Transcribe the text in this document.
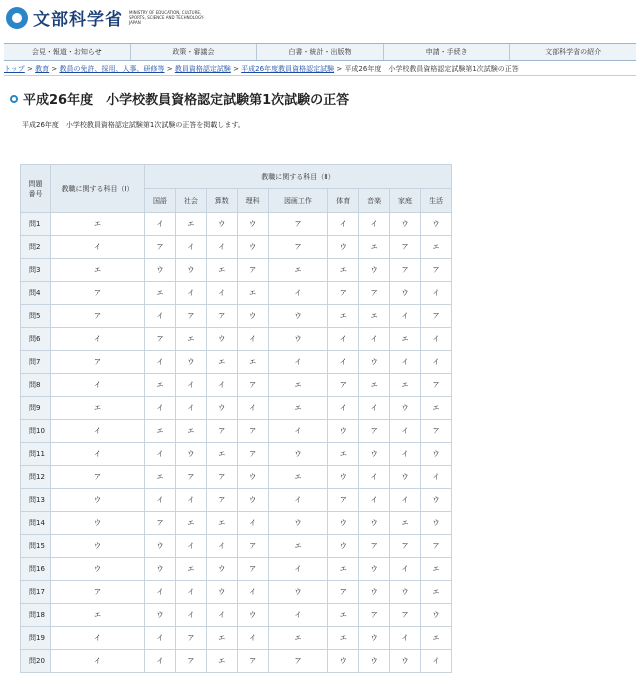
文部科学省 MINISTRY OF EDUCATION, CULTURE, SPORTS, SCIENCE AND TECHNOLOGY-JAPAN
会見・報道・お知らせ	政策・審議会	白書・統計・出版物	申請・手続き	文部科学省の紹介
トップ > 教育 > 教員の免許、採用、人事、研修等 > 教員資格認定試験 > 平成26年度教員資格認定試験 > 平成26年度　小学校教員資格認定試験第1次試験の正答
平成26年度　小学校教員資格認定試験第1次試験の正答
平成26年度　小学校教員資格認定試験第1次試験の正答を掲載します。
問題
番号	教職に関する科目（Ⅰ）	教職に関する科目（Ⅱ）								
		国語	社会	算数	理科	図画工作	体育	音楽	家庭	生活
問1	エ	イ	エ	ウ	ウ	ア	イ	イ	ウ	ウ
問2	イ	ア	イ	イ	ウ	ア	ウ	エ	ア	エ
問3	エ	ウ	ウ	エ	ア	エ	エ	ウ	ア	ア
問4	ア	エ	イ	イ	エ	イ	ア	ア	ウ	イ
問5	ア	イ	ア	ア	ウ	ウ	エ	エ	イ	ア
問6	イ	ア	エ	ウ	イ	ウ	イ	イ	エ	イ
問7	ア	イ	ウ	エ	エ	イ	イ	ウ	イ	イ
問8	イ	エ	イ	イ	ア	エ	ア	エ	エ	ア
問9	エ	イ	イ	ウ	イ	エ	イ	イ	ウ	エ
問10	イ	エ	エ	ア	ア	イ	ウ	ア	イ	ア
問11	イ	イ	ウ	エ	ア	ウ	エ	ウ	イ	ウ
問12	ア	エ	ア	ア	ウ	エ	ウ	イ	ウ	イ
問13	ウ	イ	イ	ア	ウ	イ	ア	イ	イ	ウ
問14	ウ	ア	エ	エ	イ	ウ	ウ	ウ	エ	ウ
問15	ウ	ウ	イ	イ	ア	エ	ウ	ア	ア	ア
問16	ウ	ウ	エ	ウ	ア	イ	エ	ウ	イ	エ
問17	ア	イ	イ	ウ	イ	ウ	ア	ウ	ウ	エ
問18	エ	ウ	イ	イ	ウ	イ	エ	ア	ア	ウ
問19	イ	イ	ア	エ	イ	エ	エ	ウ	イ	エ
問20	イ	イ	ア	エ	ア	ア	ウ	ウ	ウ	イ
